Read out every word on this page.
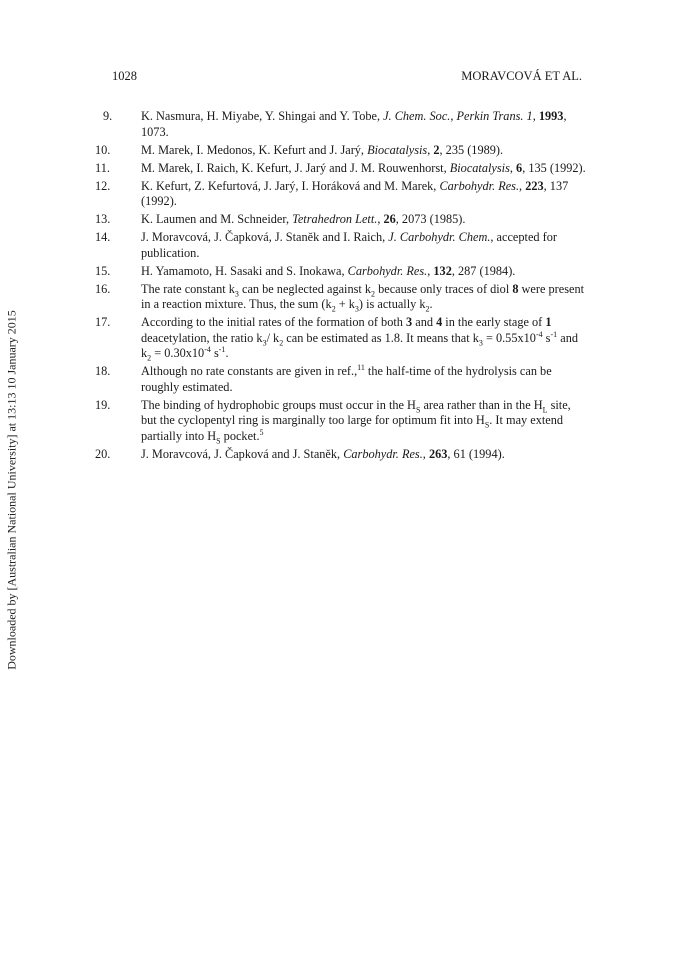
1028	MORAVCOVÁ ET AL.
Downloaded by [Australian National University] at 13:13 10 January 2015
9.	K. Nasmura, H. Miyabe, Y. Shingai and Y. Tobe, J. Chem. Soc., Perkin Trans. 1, 1993, 1073.
10.	M. Marek, I. Medonos, K. Kefurt and J. Jarý, Biocatalysis, 2, 235 (1989).
11.	M. Marek, I. Raich, K. Kefurt, J. Jarý and J. M. Rouwenhorst, Biocatalysis, 6, 135 (1992).
12.	K. Kefurt, Z. Kefurtová, J. Jarý, I. Horáková and M. Marek, Carbohydr. Res., 223, 137 (1992).
13.	K. Laumen and M. Schneider, Tetrahedron Lett., 26, 2073 (1985).
14.	J. Moravcová, J. Čapková, J. Staněk and I. Raich, J. Carbohydr. Chem., accepted for publication.
15.	H. Yamamoto, H. Sasaki and S. Inokawa, Carbohydr. Res., 132, 287 (1984).
16.	The rate constant $k_3$ can be neglected against $k_2$ because only traces of diol 8 were present in a reaction mixture. Thus, the sum $(k_2 + k_3)$ is actually $k_2$.
17.	According to the initial rates of the formation of both 3 and 4 in the early stage of 1 deacetylation, the ratio $k_3/$ $k_2$ can be estimated as 1.8. It means that $k_3 = 0.55x10^{-4}$ $s^{-1}$ and $k_2 = 0.30x10^{-4}$ $s^{-1}$.
18.	Although no rate constants are given in ref.,$^{11}$ the half-time of the hydrolysis can be roughly estimated.
19.	The binding of hydrophobic groups must occur in the $H_S$ area rather than in the $H_L$ site, but the cyclopentyl ring is marginally too large for optimum fit into $H_S$. It may extend partially into $H_S$ pocket.$^5$
20.	J. Moravcová, J. Čapková and J. Staněk, Carbohydr. Res., 263, 61 (1994).
